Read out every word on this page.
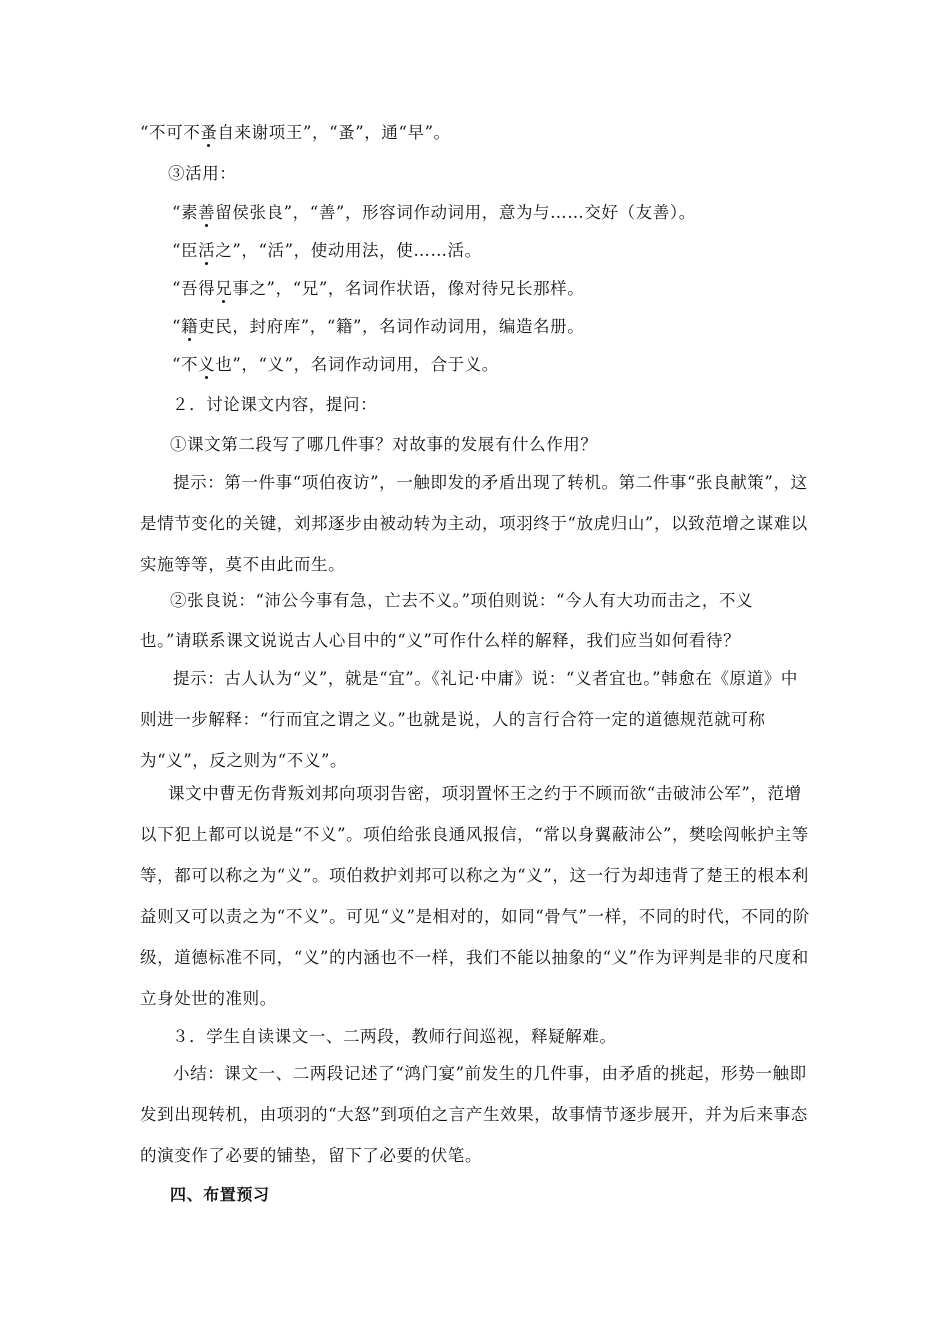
“不可不蚤自来谢项王”，“蚤”，通“早”。

③活用：

“素善留侯张良”，“善”，形容词作动词用，意为与……交好（友善）。

“臣活之”，“活”，使动用法，使……活。

“吾得兄事之”，“兄”，名词作状语，像对待兄长那样。

“籍吏民，封府库”，“籍”，名词作动词用，编造名册。

“不义也”，“义”，名词作动词用，合于义。

２．讨论课文内容，提问：

①课文第二段写了哪几件事？对故事的发展有什么作用？

提示：第一件事“项伯夜访”，一触即发的矛盾出现了转机。第二件事“张良献策”，这是情节变化的关键，刘邦逐步由被动转为主动，项羽终于“放虎归山”，以致范增之谋难以实施等等，莫不由此而生。

②张良说：“沛公今事有急，亡去不义。”项伯则说：“今人有大功而击之，不义

也。”请联系课文说说古人心目中的“义”可作什么样的解释，我们应当如何看待？

提示：古人认为“义”，就是“宜”。《礼记·中庸》说：“义者宜也。”韩愈在《原道》中则进一步解释：“行而宜之谓之义。”也就是说，人的言行合符一定的道德规范就可称为“义”，反之则为“不义”。

课文中曹无伤背叛刘邦向项羽告密，项羽置怀王之约于不顾而欲“击破沛公军”，范增以下犯上都可以说是“不义”。项伯给张良通风报信，“常以身翼蔽沛公”，樊哙闯帐护主等等，都可以称之为“义”。项伯救护刘邦可以称之为“义”，这一行为却违背了楚王的根本利益则又可以责之为“不义”。可见“义”是相对的，如同“骨气”一样，不同的时代，不同的阶级，道德标准不同，“义”的内涵也不一样，我们不能以抽象的“义”作为评判是非的尺度和立身处世的准则。

３．学生自读课文一、二两段，教师行间巡视，释疑解难。

小结：课文一、二两段记述了“鸿门宴”前发生的几件事，由矛盾的挑起，形势一触即发到出现转机，由项羽的“大怒”到项伯之言产生效果，故事情节逐步展开，并为后来事态的演变作了必要的铺垫，留下了必要的伏笔。

四、布置预习
